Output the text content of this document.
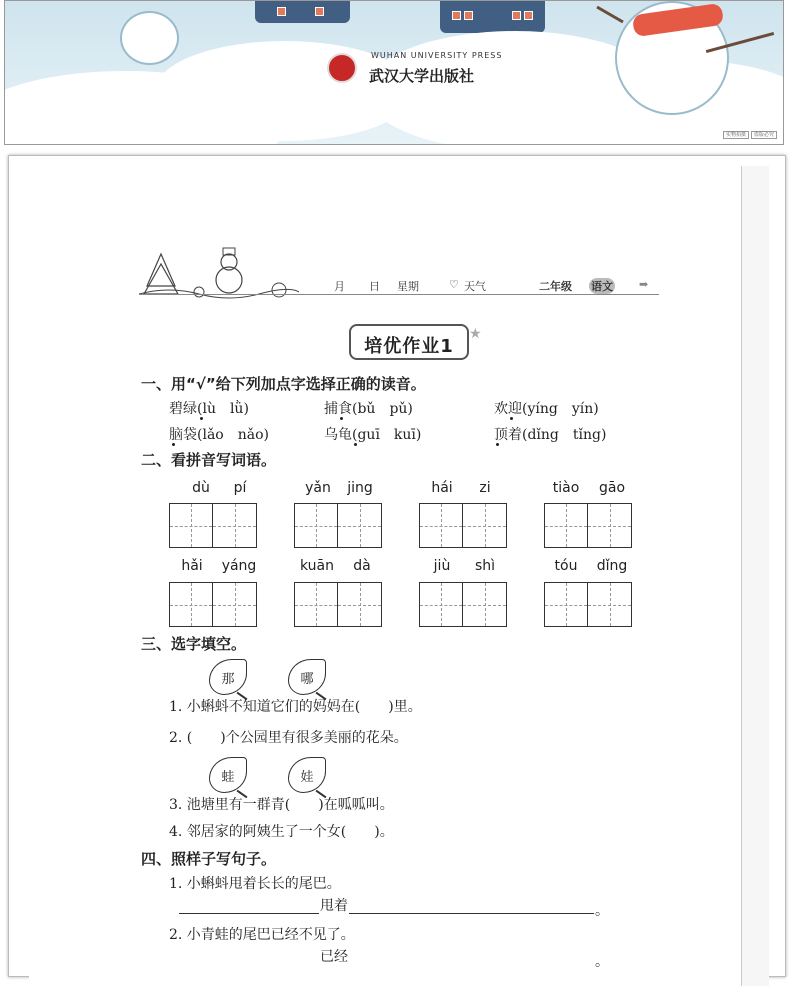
WUHAN UNIVERSITY PRESS
武汉大学出版社
实物拍摄 盗版必究
月 日 星期	♡ 天气	二年级 语文 ➡
培优作业1
★
一、用“√”给下列加点字选择正确的读音。
碧绿(lù　lǜ)	捕食(bǔ　pǔ)	欢迎(yíng　yín)
脑袋(lǎo　nǎo)	乌龟(guī　kuī)	顶着(dǐng　tǐng)
二、看拼音写词语。
dù	pí	yǎn	jing	hái	zi	tiào	gāo
hǎi	yáng	kuān	dà	jiù	shì	tóu	dǐng
三、选字填空。
那	哪
1. 小蝌蚪不知道它们的妈妈在(　　)里。
2. (　　)个公园里有很多美丽的花朵。
蛙	娃
3. 池塘里有一群青(　　)在呱呱叫。
4. 邻居家的阿姨生了一个女(　　)。
四、照样子写句子。
1. 小蝌蚪甩着长长的尾巴。
甩着	。
2. 小青蛙的尾巴已经不见了。
已经	。
